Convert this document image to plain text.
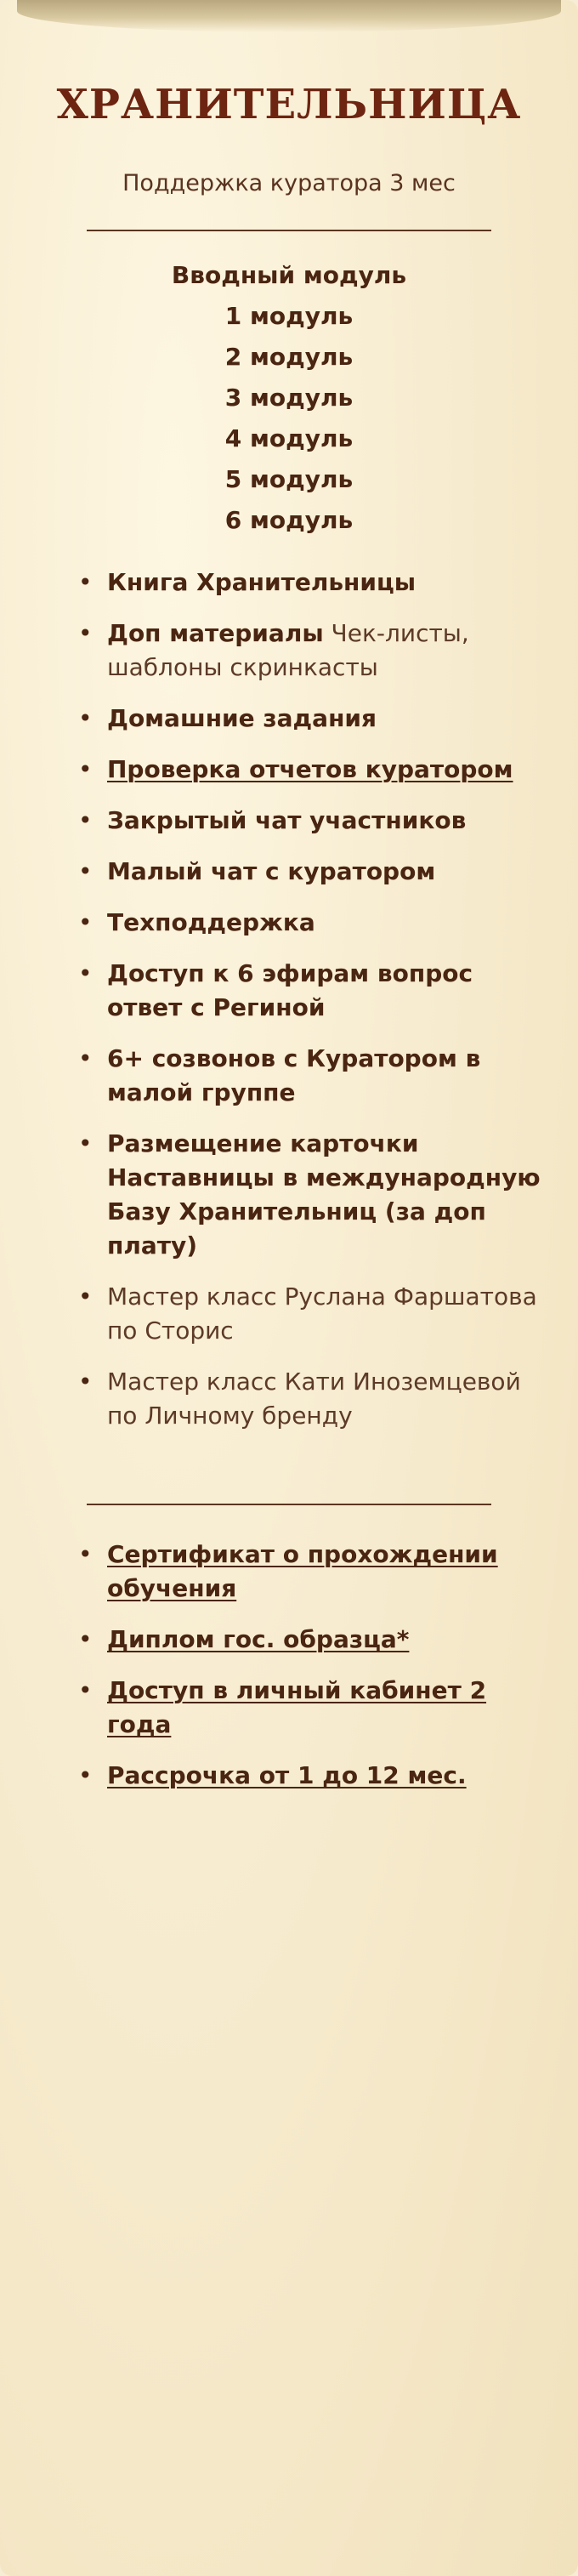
ХРАНИТЕЛЬНИЦА
Поддержка куратора 3 мес
Вводный модуль
1 модуль
2 модуль
3 модуль
4 модуль
5 модуль
6 модуль
• Книга Хранительницы
• Доп материалы Чек-листы, шаблоны скринкасты
• Домашние задания
• Проверка отчетов куратором
• Закрытый чат участников
• Малый чат с куратором
• Техподдержка
• Доступ к 6 эфирам вопрос ответ с Региной
• 6+ созвонов с Куратором в малой группе
• Размещение карточки Наставницы в международную Базу Хранительниц (за доп плату)
• Мастер класс Руслана Фаршатова по Сторис
• Мастер класс Кати Иноземцевой по Личному бренду
• Сертификат о прохождении обучения
• Диплом гос. образца*
• Доступ в личный кабинет 2 года
• Рассрочка от 1 до 12 мес.
